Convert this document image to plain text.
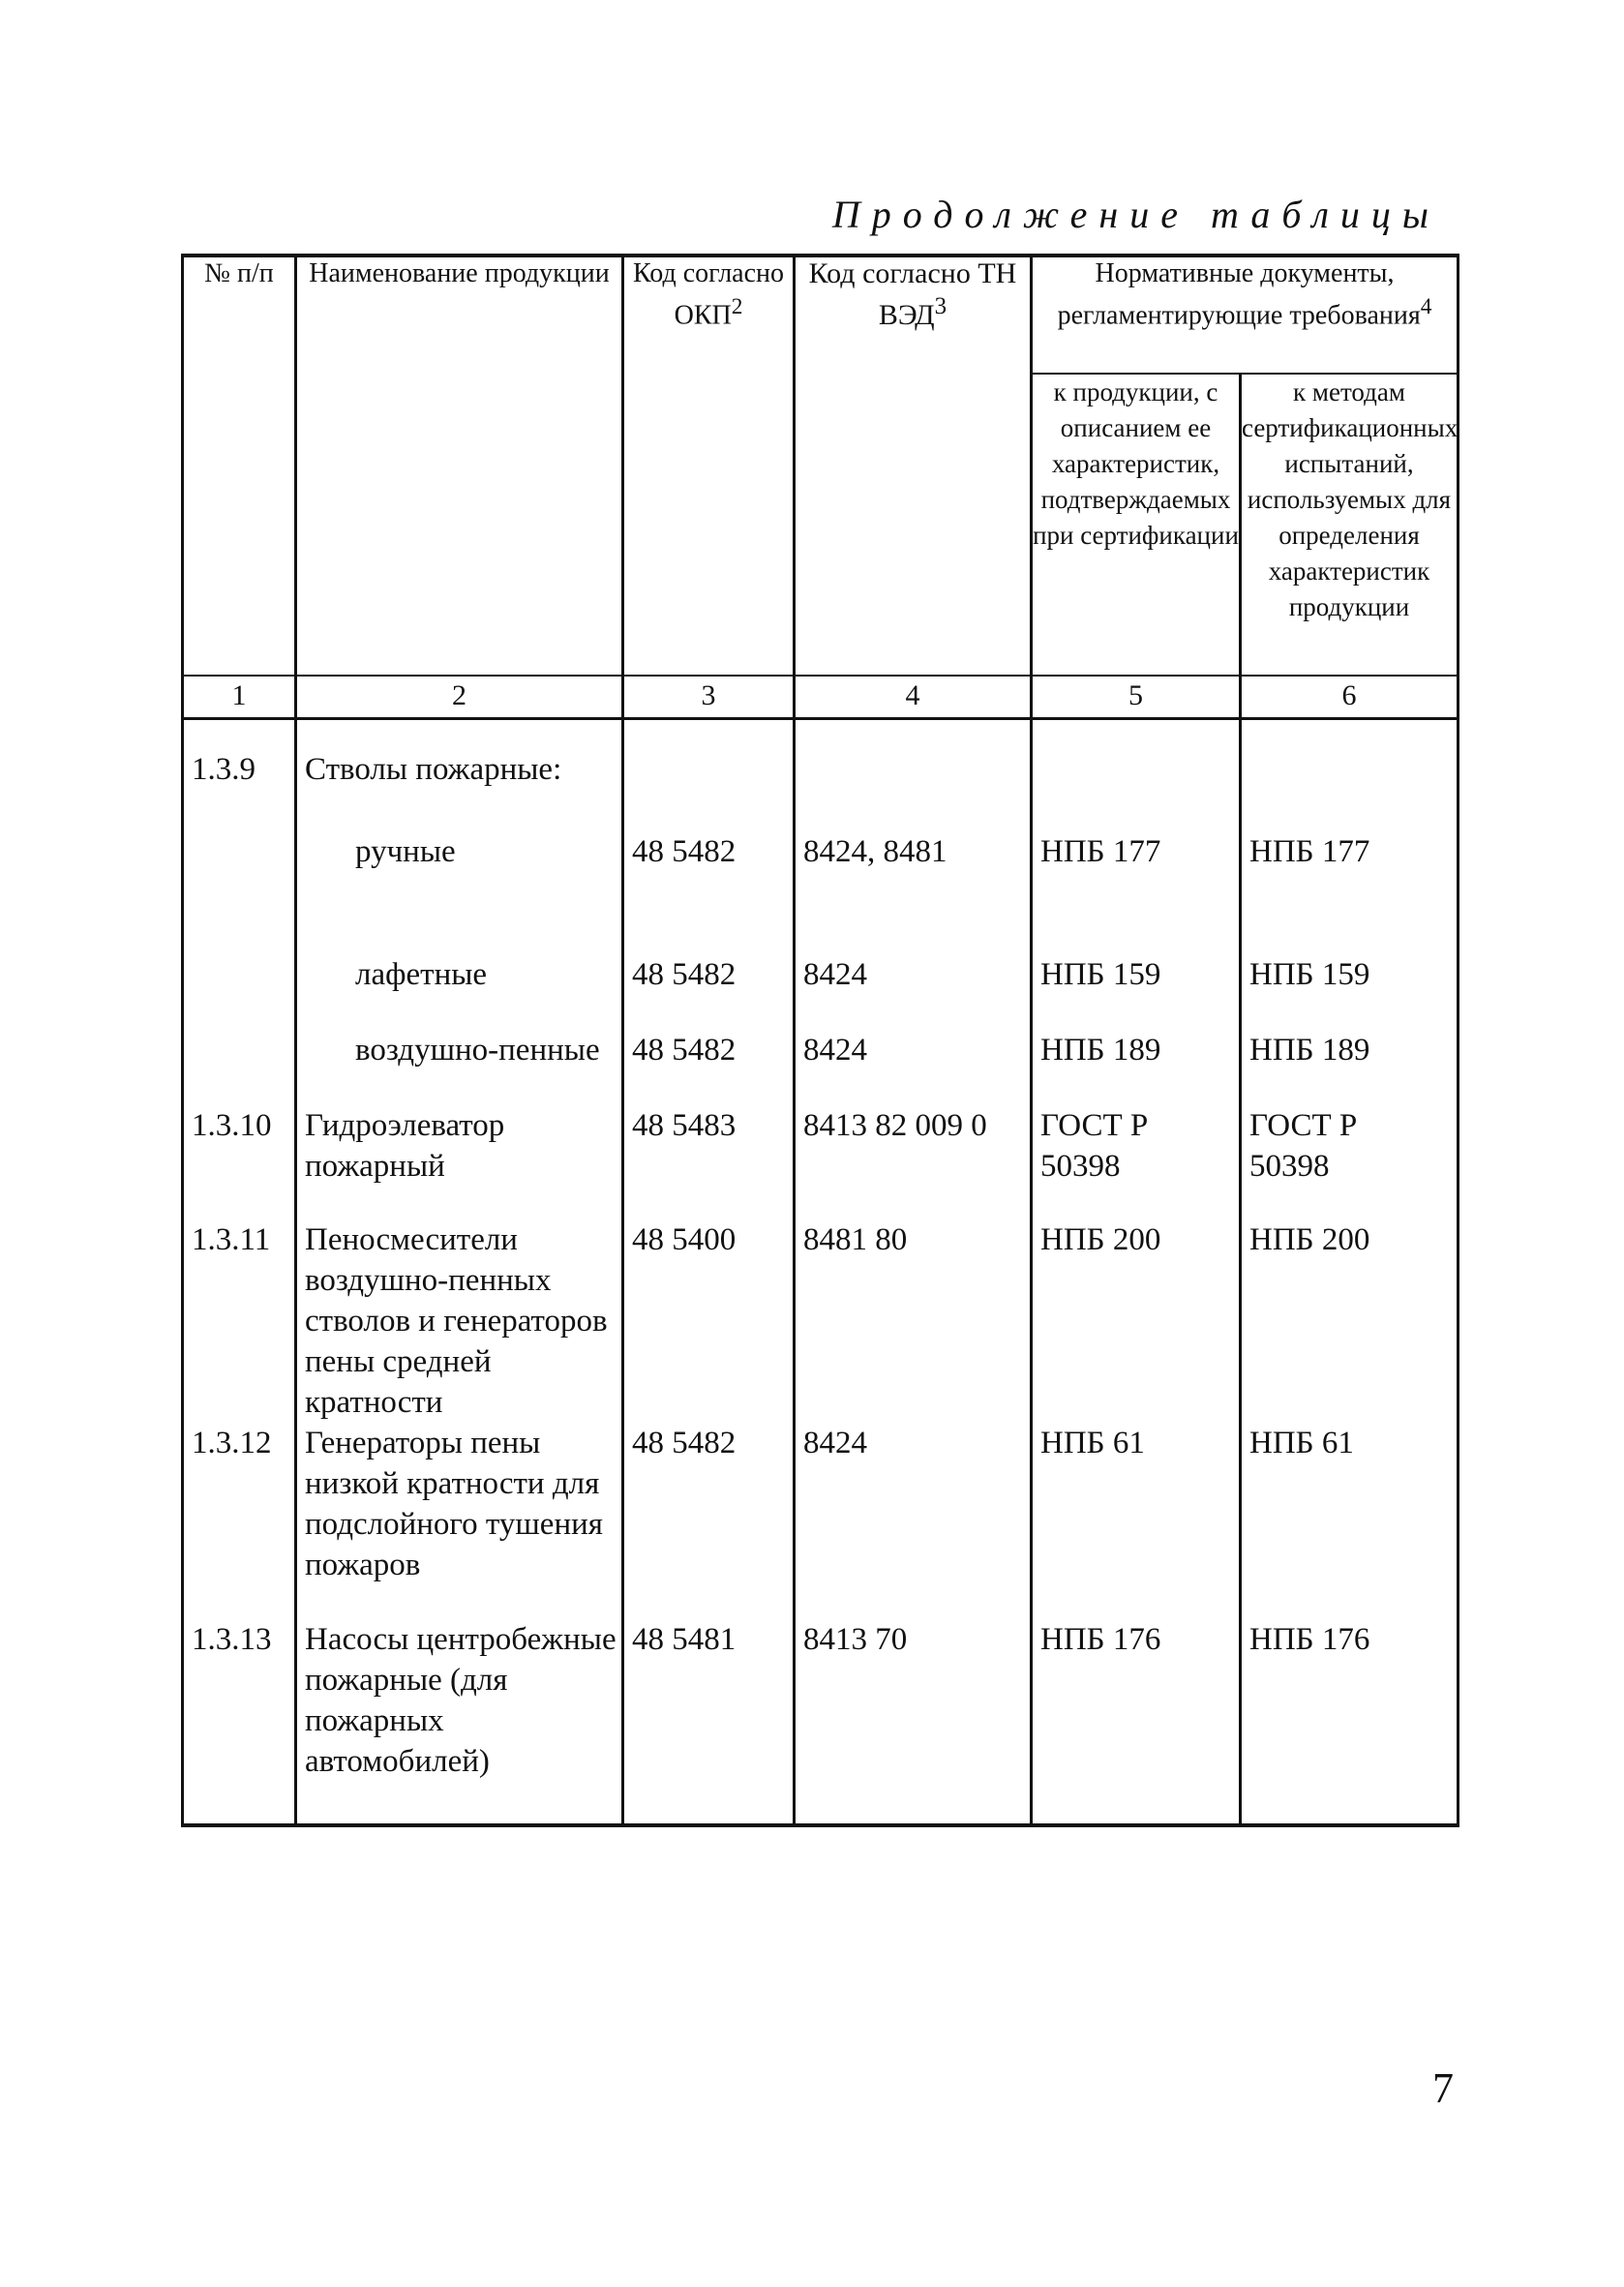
Продолжение таблицы
№ п/п	Наименование продукции	Код согласно ОКП$^2$	Код согласно ТН ВЭД$^3$	Нормативные документы, регламентирующие требования$^4$
				к продукции, с описанием ее характеристик, подтверждаемых при сертификации	к методам сертификационных испытаний, используемых для определения характеристик продукции
1	2	3	4	5	6
1.3.9	Стволы пожарные:				
	ручные	48 5482	8424, 8481	НПБ 177	НПБ 177
	лафетные	48 5482	8424	НПБ 159	НПБ 159
	воздушно-пенные	48 5482	8424	НПБ 189	НПБ 189
1.3.10	Гидроэлеватор пожарный	48 5483	8413 82 009 0	ГОСТ Р 50398	ГОСТ Р 50398
1.3.11	Пеносмесители воздушно-пенных стволов и генераторов пены средней кратности	48 5400	8481 80	НПБ 200	НПБ 200
1.3.12	Генераторы пены низкой кратности для подслойного тушения пожаров	48 5482	8424	НПБ 61	НПБ 61
1.3.13	Насосы центробежные пожарные (для пожарных автомобилей)	48 5481	8413 70	НПБ 176	НПБ 176
7
